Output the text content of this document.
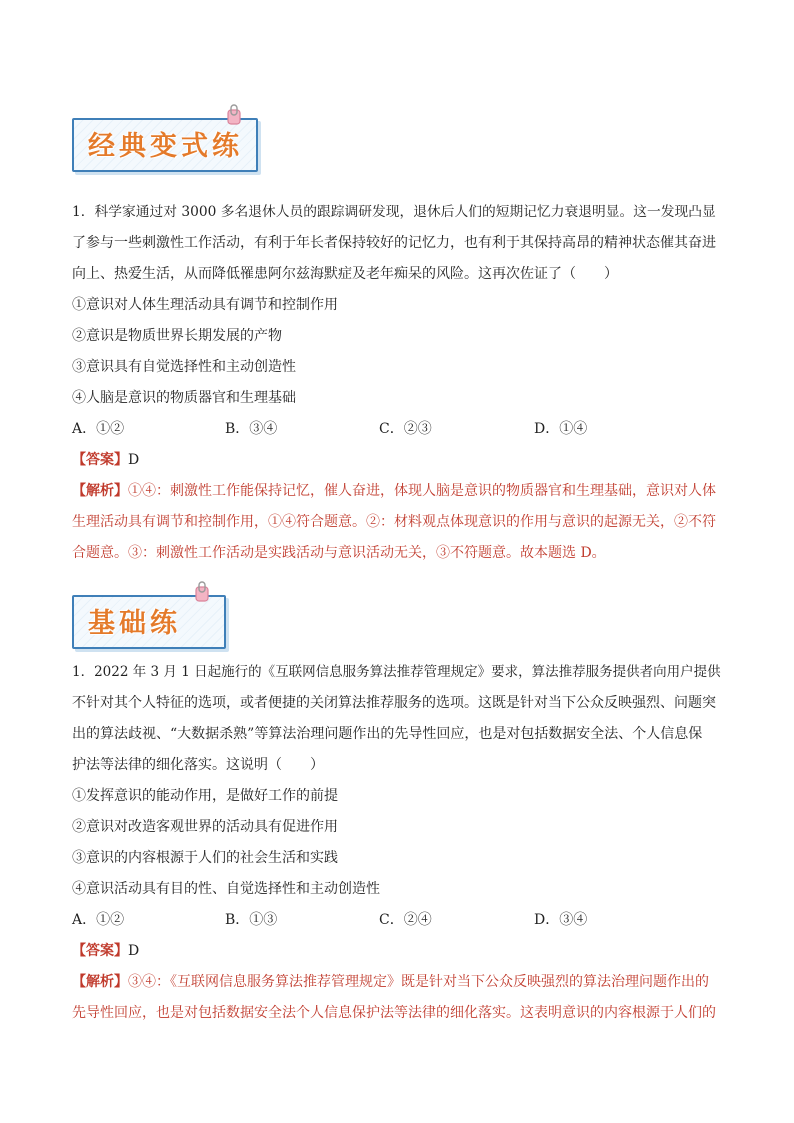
经典变式练
1．科学家通过对 3000 多名退休人员的跟踪调研发现，退休后人们的短期记忆力衰退明显。这一发现凸显
了参与一些刺激性工作活动，有利于年长者保持较好的记忆力，也有利于其保持高昂的精神状态催其奋进
向上、热爱生活，从而降低罹患阿尔兹海默症及老年痴呆的风险。这再次佐证了（　　）
①意识对人体生理活动具有调节和控制作用
②意识是物质世界长期发展的产物
③意识具有自觉选择性和主动创造性
④人脑是意识的物质器官和生理基础
A．①②	B．③④	C．②③	D．①④
【答案】D
【解析】①④：刺激性工作能保持记忆，催人奋进，体现人脑是意识的物质器官和生理基础，意识对人体
生理活动具有调节和控制作用，①④符合题意。②：材料观点体现意识的作用与意识的起源无关，②不符
合题意。③：刺激性工作活动是实践活动与意识活动无关，③不符题意。故本题选 D。
基础练
1．2022 年 3 月 1 日起施行的《互联网信息服务算法推荐管理规定》要求，算法推荐服务提供者向用户提供
不针对其个人特征的选项，或者便捷的关闭算法推荐服务的选项。这既是针对当下公众反映强烈、问题突
出的算法歧视、“大数据杀熟”等算法治理问题作出的先导性回应，也是对包括数据安全法、个人信息保
护法等法律的细化落实。这说明（　　）
①发挥意识的能动作用，是做好工作的前提
②意识对改造客观世界的活动具有促进作用
③意识的内容根源于人们的社会生活和实践
④意识活动具有目的性、自觉选择性和主动创造性
A．①②	B．①③	C．②④	D．③④
【答案】D
【解析】③④：《互联网信息服务算法推荐管理规定》既是针对当下公众反映强烈的算法治理问题作出的
先导性回应，也是对包括数据安全法个人信息保护法等法律的细化落实。这表明意识的内容根源于人们的
